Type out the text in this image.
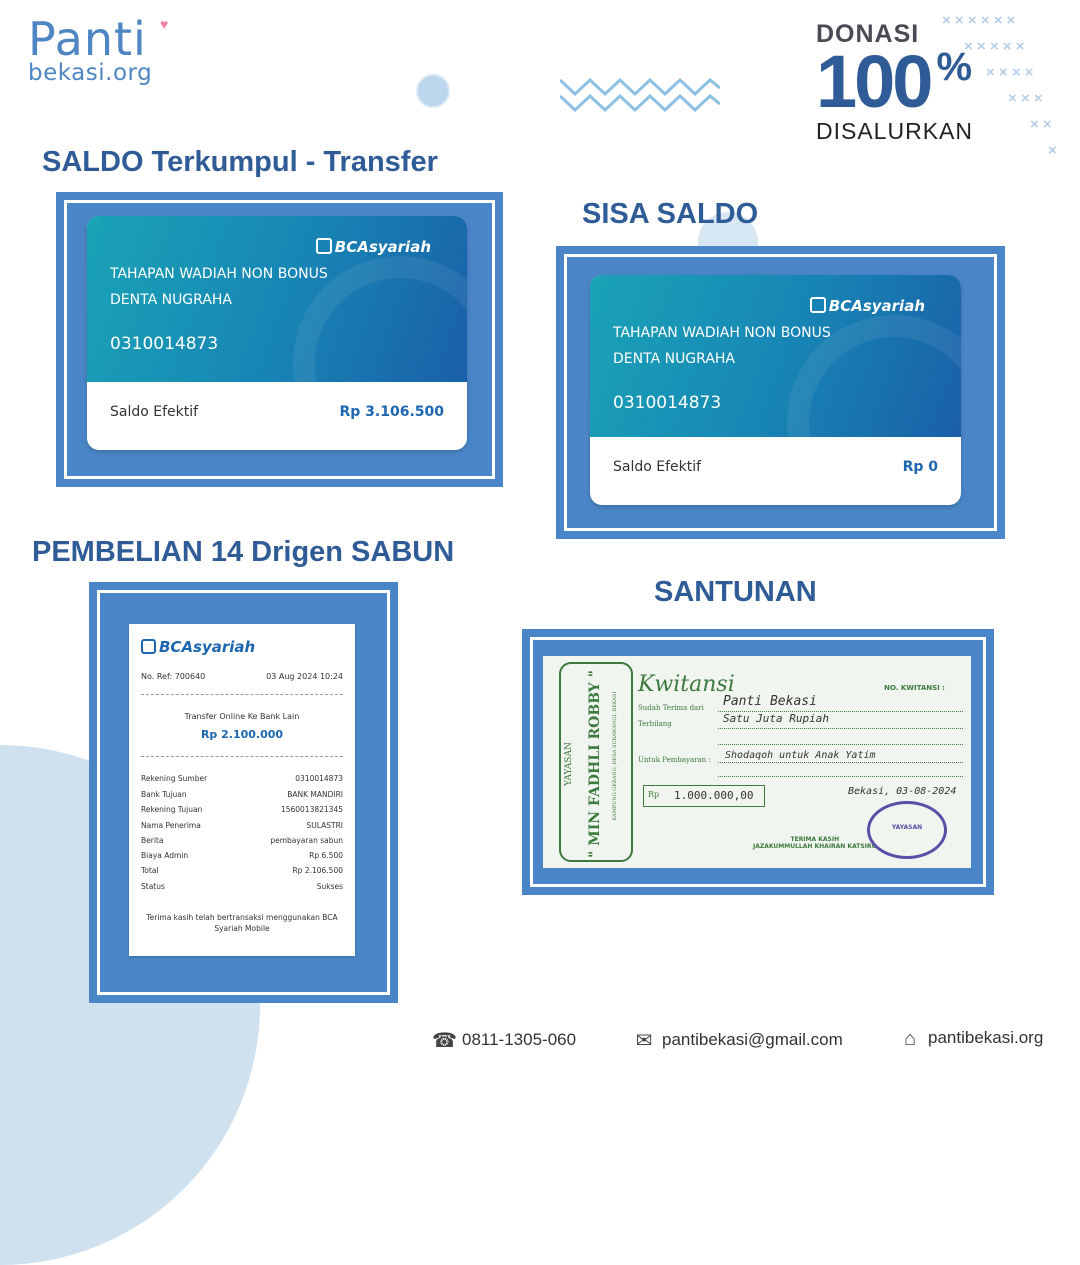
× × × × × ×
× × × × ×
× × × ×
× × ×
× ×
×
Panti ♥
bekasi.org
DONASI
100 %
DISALURKAN
SALDO Terkumpul - Transfer
SISA SALDO
PEMBELIAN 14 Drigen SABUN
SANTUNAN
BCAsyariah
TAHAPAN WADIAH NON BONUS
DENTA NUGRAHA
0310014873
Saldo Efektif	Rp 3.106.500
BCAsyariah
TAHAPAN WADIAH NON BONUS
DENTA NUGRAHA
0310014873
Saldo Efektif	Rp 0
BCAsyariah
No. Ref: 700640	03 Aug 2024 10:24
Transfer Online Ke Bank Lain
Rp 2.100.000
Rekening Sumber	0310014873
Bank Tujuan	BANK MANDIRI
Rekening Tujuan	1560013821345
Nama Penerima	SULASTRI
Berita	pembayaran sabun
Biaya Admin	Rp 6.500
Total	Rp 2.106.500
Status	Sukses
Terima kasih telah bertransaksi menggunakan BCA Syariah Mobile
YAYASAN " MIN FADHLI ROBBY " KAMPUNG GERANG, DESA SUKAWANGI, BEKASI
Kwitansi	NO. KWITANSI :
Sudah Terima dari Panti Bekasi
Terbilang	Satu Juta Rupiah
Untuk Pembayaran : Shodaqoh untuk Anak Yatim
Rp 1.000.000,00	Bekasi, 03-08-2024
TERIMA KASIH
JAZAKUMMULLAH KHAIRAN KATSIRO
YAYASAN
☎ 0811-1305-060	✉ pantibekasi@gmail.com	⌂ pantibekasi.org
